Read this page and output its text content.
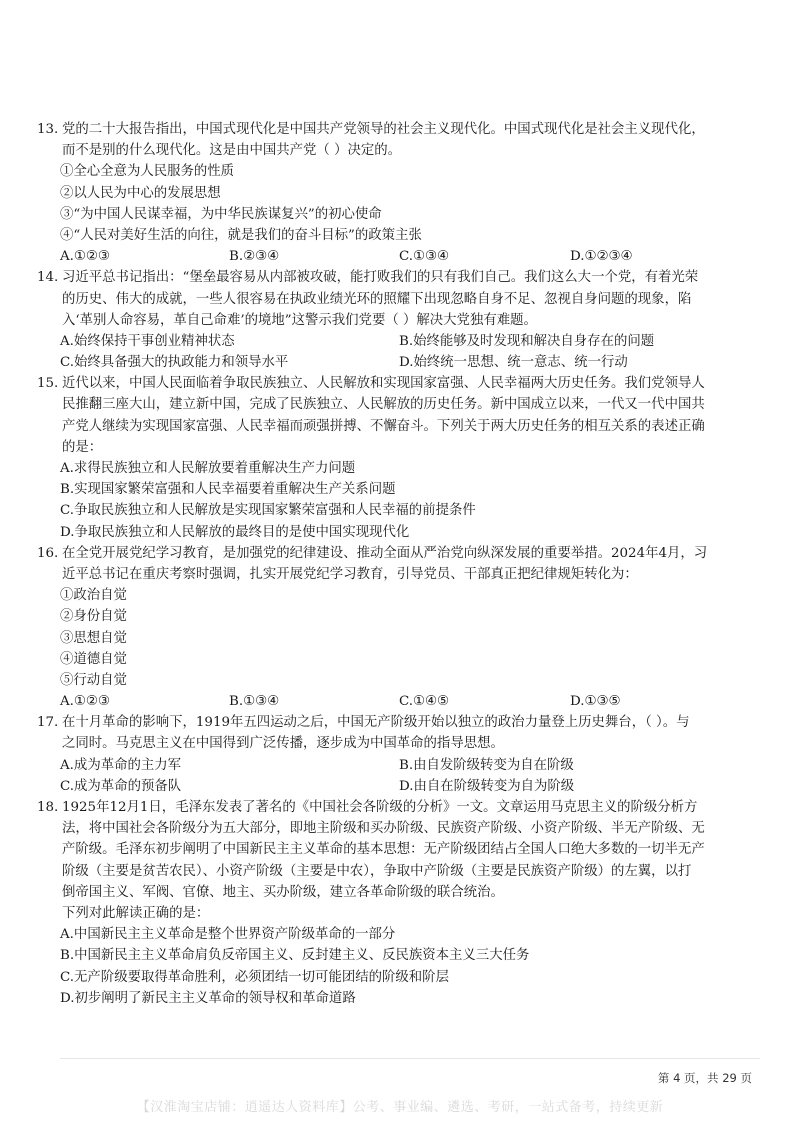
13. 党的二十大报告指出，中国式现代化是中国共产党领导的社会主义现代化。中国式现代化是社会主义现代化，
而不是别的什么现代化。这是由中国共产党（ ）决定的。
①全心全意为人民服务的性质
②以人民为中心的发展思想
③“为中国人民谋幸福，为中华民族谋复兴”的初心使命
④“人民对美好生活的向往，就是我们的奋斗目标”的政策主张
A.①②③	B.②③④	C.①③④	D.①②③④
14. 习近平总书记指出：“堡垒最容易从内部被攻破，能打败我们的只有我们自己。我们这么大一个党，有着光荣
的历史、伟大的成就，一些人很容易在执政业绩光环的照耀下出现忽略自身不足、忽视自身问题的现象，陷
入‘革别人命容易，革自己命难’的境地”这警示我们党要（ ）解决大党独有难题。
A.始终保持干事创业精神状态	B.始终能够及时发现和解决自身存在的问题
C.始终具备强大的执政能力和领导水平	D.始终统一思想、统一意志、统一行动
15. 近代以来，中国人民面临着争取民族独立、人民解放和实现国家富强、人民幸福两大历史任务。我们党领导人
民推翻三座大山，建立新中国，完成了民族独立、人民解放的历史任务。新中国成立以来，一代又一代中国共
产党人继续为实现国家富强、人民幸福而顽强拼搏、不懈奋斗。下列关于两大历史任务的相互关系的表述正确
的是：
A.求得民族独立和人民解放要着重解决生产力问题
B.实现国家繁荣富强和人民幸福要着重解决生产关系问题
C.争取民族独立和人民解放是实现国家繁荣富强和人民幸福的前提条件
D.争取民族独立和人民解放的最终目的是使中国实现现代化
16. 在全党开展党纪学习教育，是加强党的纪律建设、推动全面从严治党向纵深发展的重要举措。2024年4月，习
近平总书记在重庆考察时强调，扎实开展党纪学习教育，引导党员、干部真正把纪律规矩转化为：
①政治自觉
②身份自觉
③思想自觉
④道德自觉
⑤行动自觉
A.①②③	B.①③④	C.①④⑤	D.①③⑤
17. 在十月革命的影响下，1919年五四运动之后，中国无产阶级开始以独立的政治力量登上历史舞台，（ ）。与
之同时。马克思主义在中国得到广泛传播，逐步成为中国革命的指导思想。
A.成为革命的主力军	B.由自发阶级转变为自在阶级
C.成为革命的预备队	D.由自在阶级转变为自为阶级
18. 1925年12月1日，毛泽东发表了著名的《中国社会各阶级的分析》一文。文章运用马克思主义的阶级分析方
法，将中国社会各阶级分为五大部分，即地主阶级和买办阶级、民族资产阶级、小资产阶级、半无产阶级、无
产阶级。毛泽东初步阐明了中国新民主主义革命的基本思想：无产阶级团结占全国人口绝大多数的一切半无产
阶级（主要是贫苦农民）、小资产阶级（主要是中农），争取中产阶级（主要是民族资产阶级）的左翼，以打
倒帝国主义、军阀、官僚、地主、买办阶级，建立各革命阶级的联合统治。
下列对此解读正确的是：
A.中国新民主主义革命是整个世界资产阶级革命的一部分
B.中国新民主主义革命肩负反帝国主义、反封建主义、反民族资本主义三大任务
C.无产阶级要取得革命胜利，必须团结一切可能团结的阶级和阶层
D.初步阐明了新民主主义革命的领导权和革命道路
第 4 页，共 29 页
【汉淮淘宝店铺：逍遥达人资料库】公考、事业编、遴选、考研，一站式备考，持续更新
